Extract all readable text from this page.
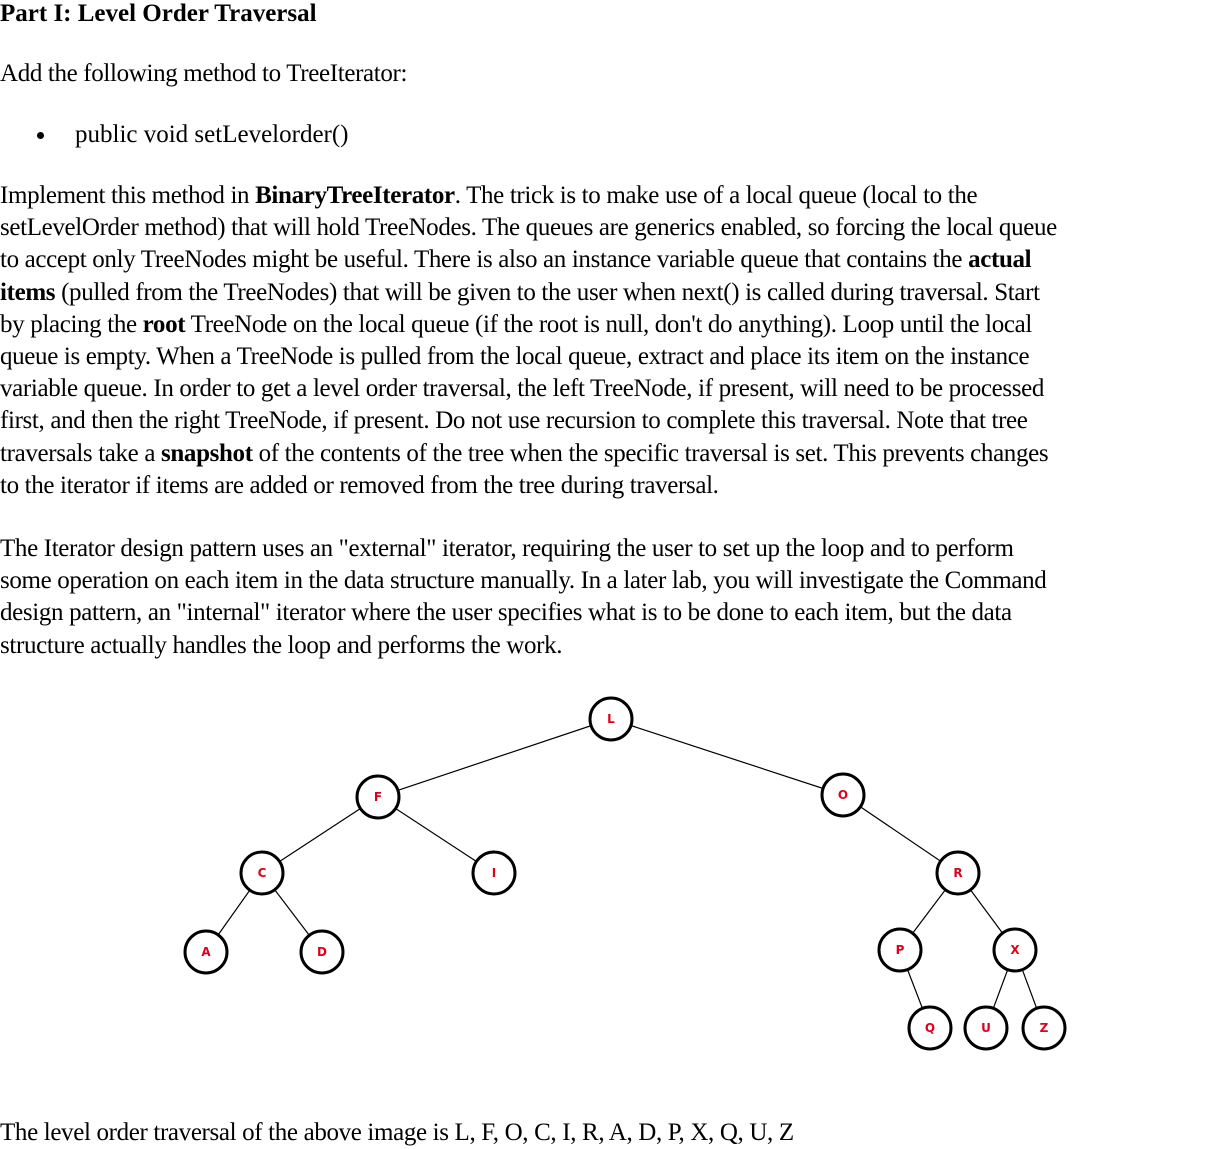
Part I: Level Order Traversal

Add the following method to TreeIterator:

public void setLevelorder()

Implement this method in BinaryTreeIterator. The trick is to make use of a local queue (local to the
setLevelOrder method) that will hold TreeNodes. The queues are generics enabled, so forcing the local queue
to accept only TreeNodes might be useful. There is also an instance variable queue that contains the actual
items (pulled from the TreeNodes) that will be given to the user when next() is called during traversal. Start
by placing the root TreeNode on the local queue (if the root is null, don't do anything). Loop until the local
queue is empty. When a TreeNode is pulled from the local queue, extract and place its item on the instance
variable queue. In order to get a level order traversal, the left TreeNode, if present, will need to be processed
first, and then the right TreeNode, if present. Do not use recursion to complete this traversal. Note that tree
traversals take a snapshot of the contents of the tree when the specific traversal is set. This prevents changes
to the iterator if items are added or removed from the tree during traversal.

The Iterator design pattern uses an "external" iterator, requiring the user to set up the loop and to perform
some operation on each item in the data structure manually. In a later lab, you will investigate the Command
design pattern, an "internal" iterator where the user specifies what is to be done to each item, but the data
structure actually handles the loop and performs the work.

L
F	O
C	I	R
A	D	P	X
Q	U	Z

The level order traversal of the above image is L, F, O, C, I, R, A, D, P, X, Q, U, Z
